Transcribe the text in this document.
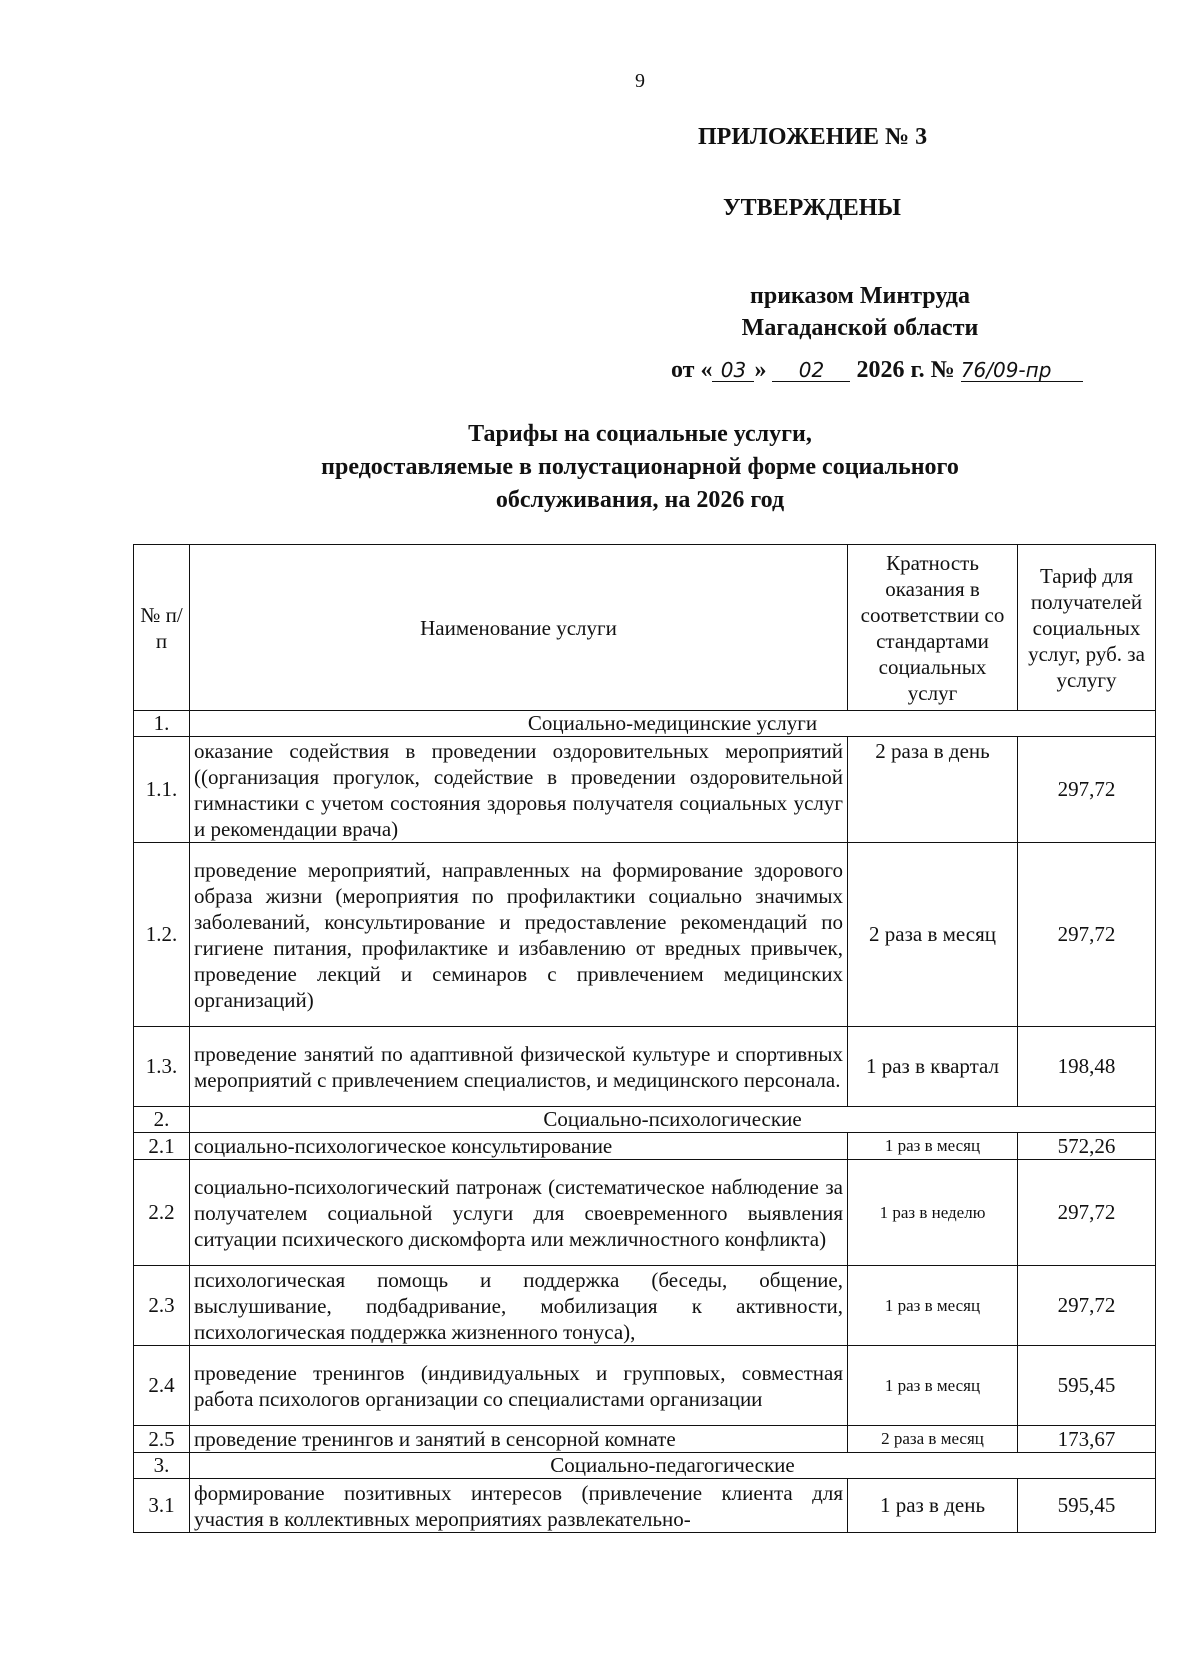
9
ПРИЛОЖЕНИЕ № 3
УТВЕРЖДЕНЫ
приказом Минтруда
Магаданской области
от « 03 » 02 2026 г. № 76/09-пр
Тарифы на социальные услуги,
предоставляемые в полустационарной форме социального
обслуживания, на 2026 год
№ п/п	Наименование услуги	Кратность оказания в соответствии со стандартами социальных услуг	Тариф для получателей социальных услуг, руб. за услугу
1.	Социально-медицинские услуги		
1.1.	оказание содействия в проведении оздоровительных мероприятий ((организация прогулок, содействие в проведении оздоровительной гимнастики с учетом состояния здоровья получателя социальных услуг и рекомендации врача)	2 раза в день	297,72
1.2.	проведение мероприятий, направленных на формирование здорового образа жизни (мероприятия по профилактики социально значимых заболеваний, консультирование и предоставление рекомендаций по гигиене питания, профилактике и избавлению от вредных привычек, проведение лекций и семинаров с привлечением медицинских организаций)	2 раза в месяц	297,72
1.3.	проведение занятий по адаптивной физической культуре и спортивных мероприятий с привлечением специалистов, и медицинского персонала.	1 раз в квартал	198,48
2.	Социально-психологические		
2.1	социально-психологическое консультирование	1 раз в месяц	572,26
2.2	социально-психологический патронаж (систематическое наблюдение за получателем социальной услуги для своевременного выявления ситуации психического дискомфорта или межличностного конфликта)	1 раз в неделю	297,72
2.3	психологическая помощь и поддержка (беседы, общение, выслушивание, подбадривание, мобилизация к активности, психологическая поддержка жизненного тонуса),	1 раз в месяц	297,72
2.4	проведение тренингов (индивидуальных и групповых, совместная работа психологов организации со специалистами организации	1 раз в месяц	595,45
2.5	проведение тренингов и занятий в сенсорной комнате	2 раза в месяц	173,67
3.	Социально-педагогические		
3.1	формирование позитивных интересов (привлечение клиента для участия в коллективных мероприятиях развлекательно-	1 раз в день	595,45
